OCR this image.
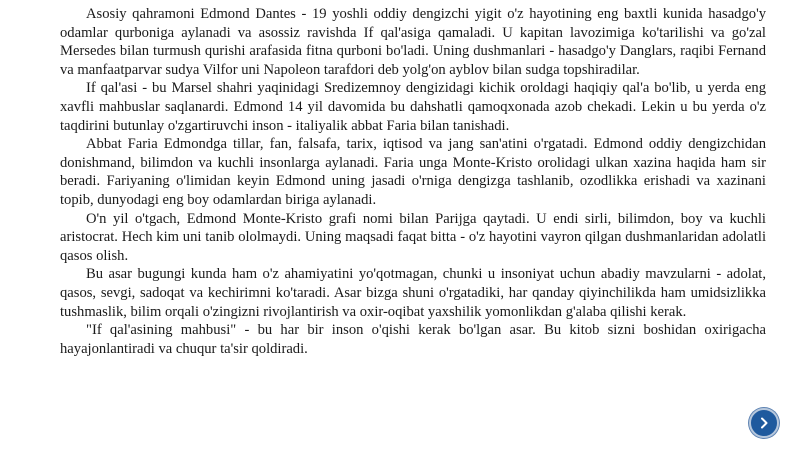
Asosiy qahramoni Edmond Dantes - 19 yoshli oddiy dengizchi yigit o'z hayotining eng baxtli kunida hasadgo'y odamlar qurboniga aylanadi va asossiz ravishda If qal'asiga qamaladi. U kapitan lavozimiga ko'tarilishi va go'zal Mersedes bilan turmush qurishi arafasida fitna qurboni bo'ladi. Uning dushmanlari - hasadgo'y Danglars, raqibi Fernand va manfaatparvar sudya Vilfor uni Napoleon tarafdori deb yolg'on ayblov bilan sudga topshiradilar.

If qal'asi - bu Marsel shahri yaqinidagi Sredizemnoy dengizidagi kichik oroldagi haqiqiy qal'a bo'lib, u yerda eng xavfli mahbuslar saqlanardi. Edmond 14 yil davomida bu dahshatli qamoqxonada azob chekadi. Lekin u bu yerda o'z taqdirini butunlay o'zgartiruvchi inson - italiyalik abbat Faria bilan tanishadi.

Abbat Faria Edmondga tillar, fan, falsafa, tarix, iqtisod va jang san'atini o'rgatadi. Edmond oddiy dengizchidan donishmand, bilimdon va kuchli insonlarga aylanadi. Faria unga Monte-Kristo orolidagi ulkan xazina haqida ham sir beradi. Fariyaning o'limidan keyin Edmond uning jasadi o'rniga dengizga tashlanib, ozodlikka erishadi va xazinani topib, dunyodagi eng boy odamlardan biriga aylanadi.

O'n yil o'tgach, Edmond Monte-Kristo grafi nomi bilan Parijga qaytadi. U endi sirli, bilimdon, boy va kuchli aristocrat. Hech kim uni tanib ololmaydi. Uning maqsadi faqat bitta - o'z hayotini vayron qilgan dushmanlaridan adolatli qasos olish.

Bu asar bugungi kunda ham o'z ahamiyatini yo'qotmagan, chunki u insoniyat uchun abadiy mavzularni - adolat, qasos, sevgi, sadoqat va kechirimni ko'taradi. Asar bizga shuni o'rgatadiki, har qanday qiyinchilikda ham umidsizlikka tushmaslik, bilim orqali o'zingizni rivojlantirish va oxir-oqibat yaxshilik yomonlikdan g'alaba qilishi kerak.

"If qal'asining mahbusi" - bu har bir inson o'qishi kerak bo'lgan asar. Bu kitob sizni boshidan oxirigacha hayajonlantiradi va chuqur ta'sir qoldiradi.
